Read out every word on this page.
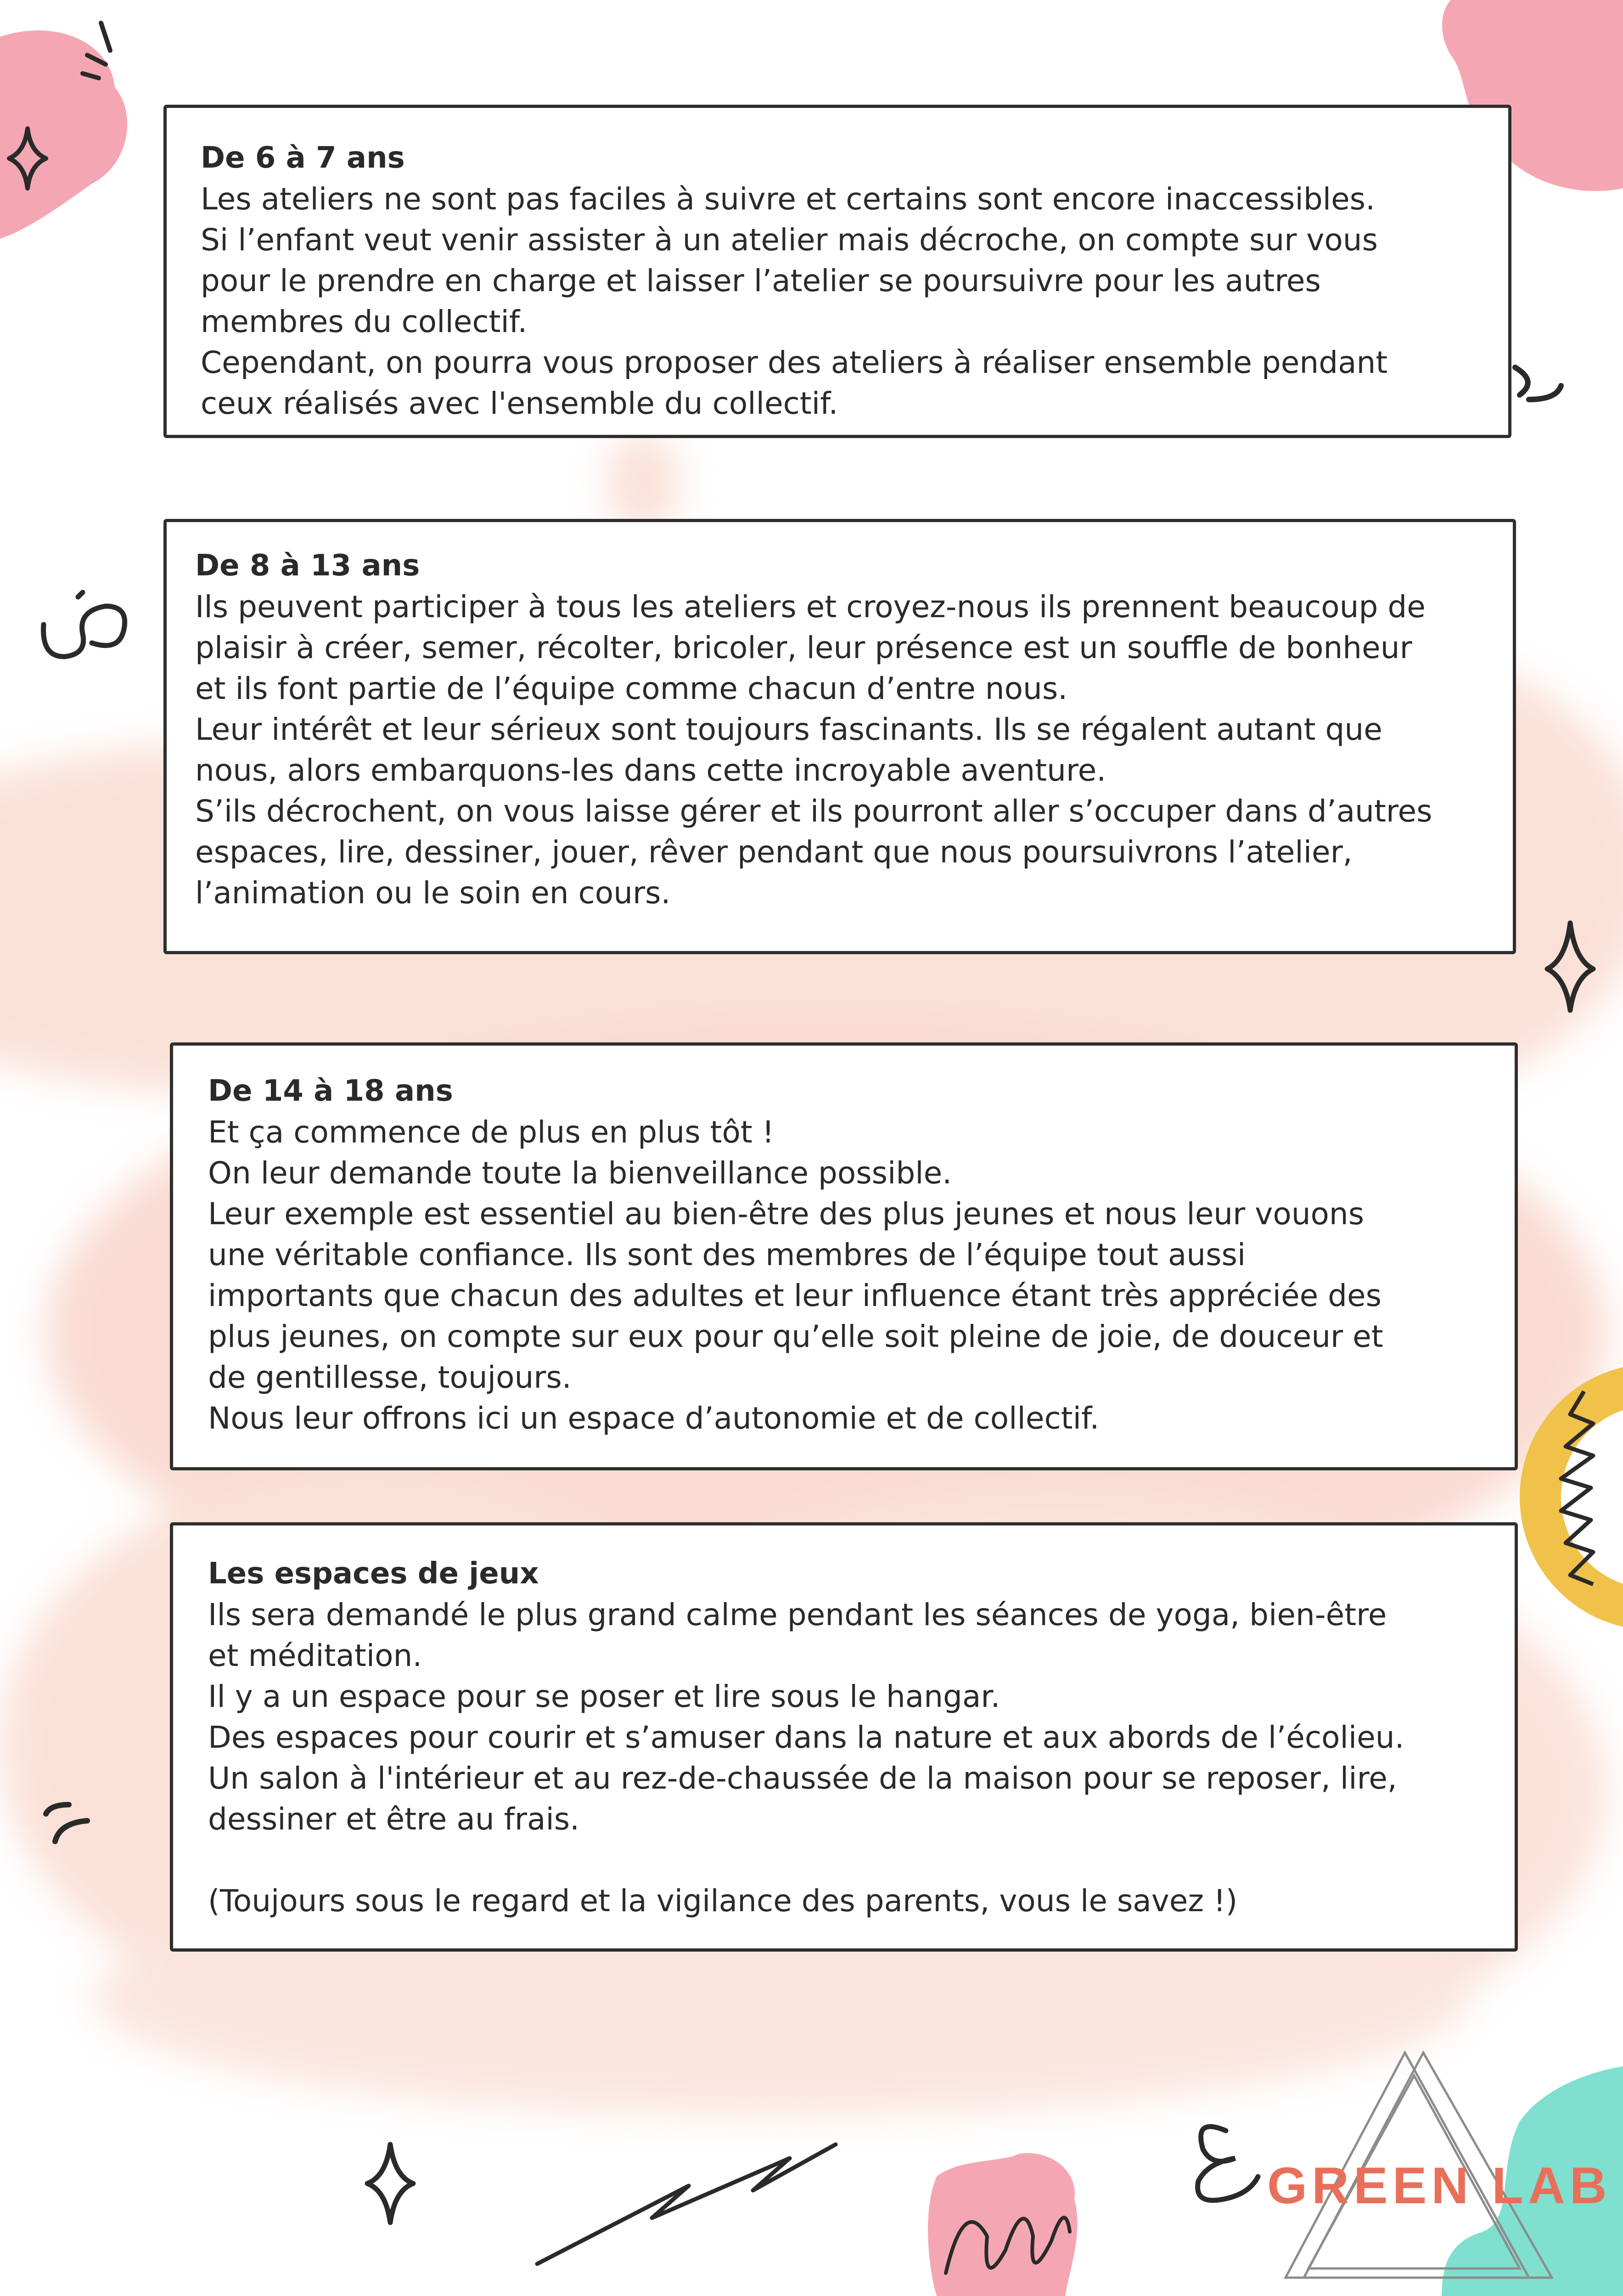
De 6 à 7 ans

Les ateliers ne sont pas faciles à suivre et certains sont encore inaccessibles.

Si l’enfant veut venir assister à un atelier mais décroche, on compte sur vous

pour le prendre en charge et laisser l’atelier se poursuivre pour les autres

membres du collectif.

Cependant, on pourra vous proposer des ateliers à réaliser ensemble pendant

ceux réalisés avec l'ensemble du collectif.

De 8 à 13 ans

Ils peuvent participer à tous les ateliers et croyez-nous ils prennent beaucoup de

plaisir à créer, semer, récolter, bricoler, leur présence est un souffle de bonheur

et ils font partie de l’équipe comme chacun d’entre nous.

Leur intérêt et leur sérieux sont toujours fascinants. Ils se régalent autant que

nous, alors embarquons-les dans cette incroyable aventure.

S’ils décrochent, on vous laisse gérer et ils pourront aller s’occuper dans d’autres

espaces, lire, dessiner, jouer, rêver pendant que nous poursuivrons l’atelier,

l’animation ou le soin en cours.

De 14 à 18 ans

Et ça commence de plus en plus tôt !

On leur demande toute la bienveillance possible.

Leur exemple est essentiel au bien-être des plus jeunes et nous leur vouons

une véritable confiance. Ils sont des membres de l’équipe tout aussi

importants que chacun des adultes et leur influence étant très appréciée des

plus jeunes, on compte sur eux pour qu’elle soit pleine de joie, de douceur et

de gentillesse, toujours.

Nous leur offrons ici un espace d’autonomie et de collectif.

Les espaces de jeux

Ils sera demandé le plus grand calme pendant les séances de yoga, bien-être

et méditation.

Il y a un espace pour se poser et lire sous le hangar.

Des espaces pour courir et s’amuser dans la nature et aux abords de l’écolieu.

Un salon à l'intérieur et au rez-de-chaussée de la maison pour se reposer, lire,

dessiner et être au frais.

(Toujours sous le regard et la vigilance des parents, vous le savez !)

GREEN LAB
